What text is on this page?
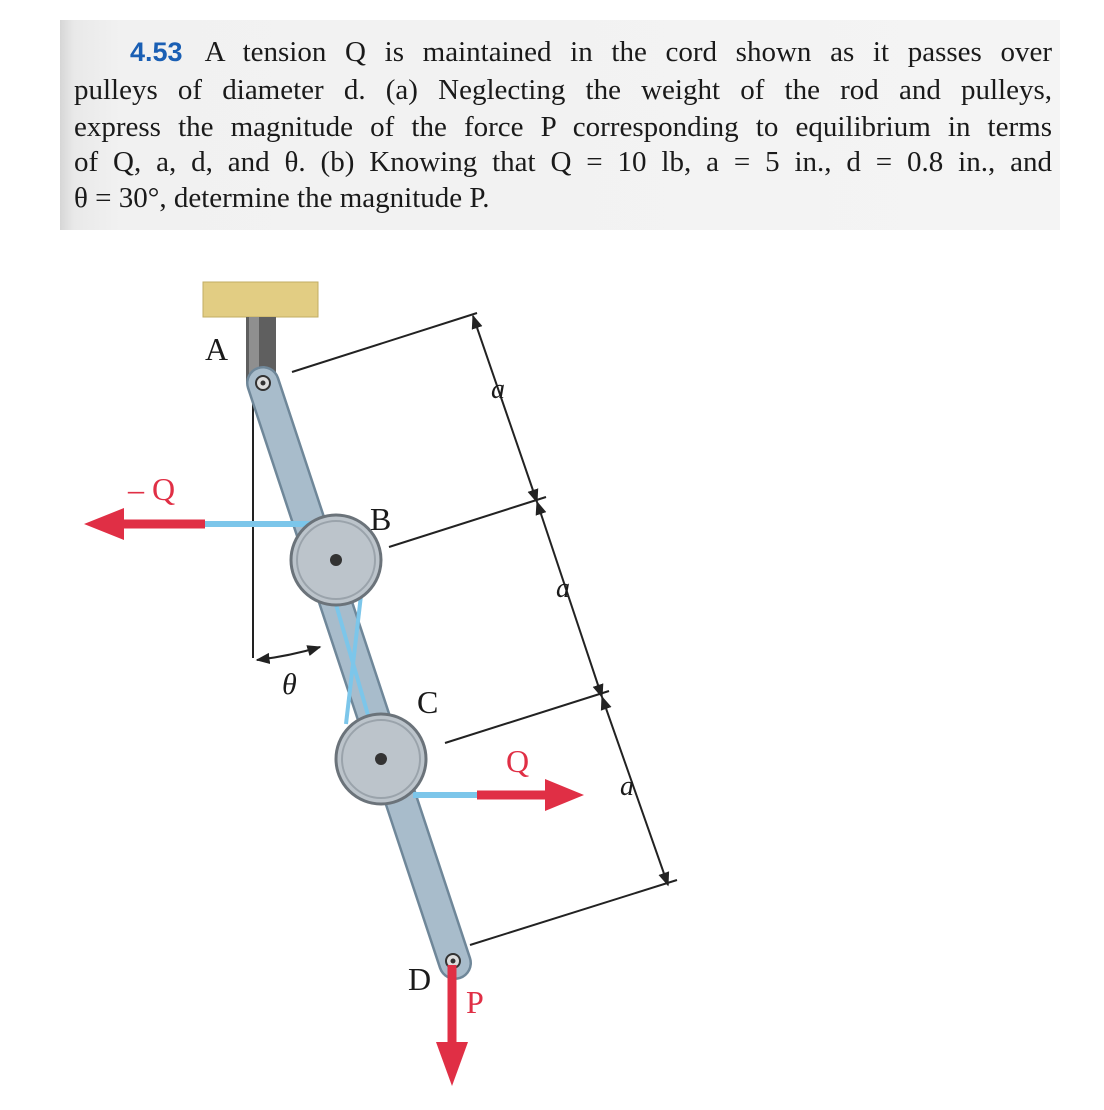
4.53 A tension Q is maintained in the cord shown as it passes over
pulleys of diameter d. (a) Neglecting the weight of the rod and pulleys,
express the magnitude of the force P corresponding to equilibrium in terms
of Q, a, d, and θ. (b) Knowing that Q = 10 lb, a = 5 in., d = 0.8 in., and
θ = 30°, determine the magnitude P.
A
B
C
D
– Q
Q
P
θ
a
a
a
